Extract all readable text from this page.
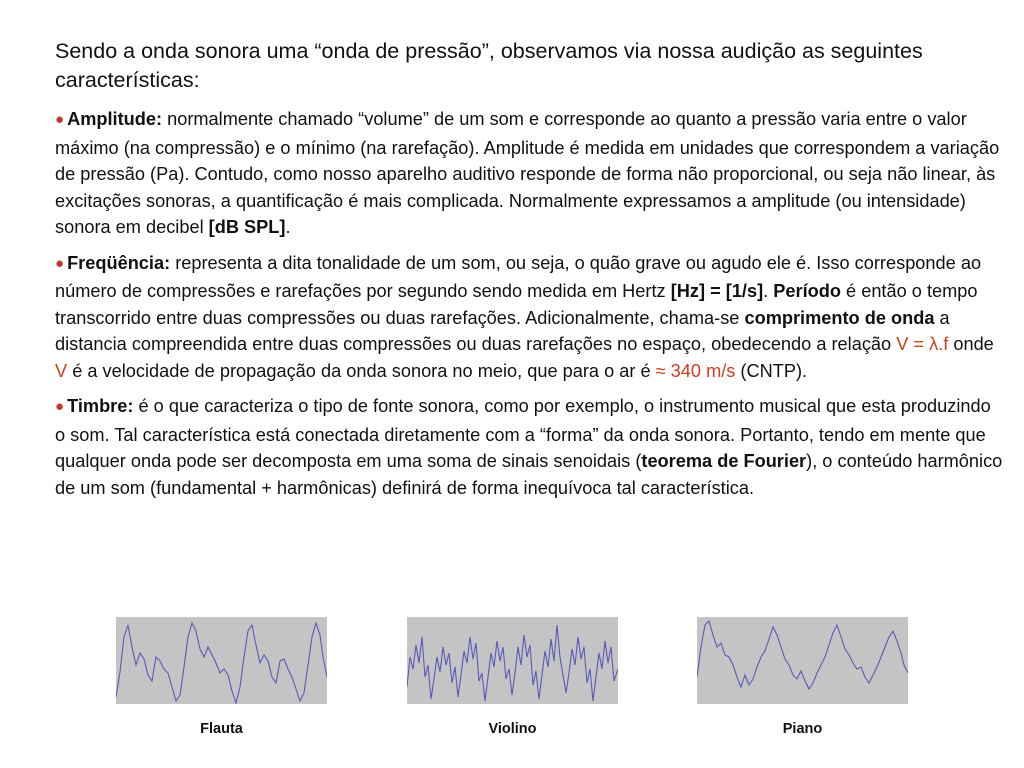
Sendo a onda sonora uma “onda de pressão”, observamos via nossa audição as seguintes características:

● Amplitude: normalmente chamado “volume” de um som e corresponde ao quanto a pressão varia entre o valor máximo (na compressão) e o mínimo (na rarefação). Amplitude é medida em unidades que correspondem a variação de pressão (Pa). Contudo, como nosso aparelho auditivo responde de forma não proporcional, ou seja não linear, às excitações sonoras, a quantificação é mais complicada. Normalmente expressamos a amplitude (ou intensidade) sonora em decibel [dB SPL].

● Freqüência: representa a dita tonalidade de um som, ou seja, o quão grave ou agudo ele é. Isso corresponde ao número de compressões e rarefações por segundo sendo medida em Hertz [Hz] = [1/s]. Período é então o tempo transcorrido entre duas compressões ou duas rarefações. Adicionalmente, chama-se comprimento de onda a distancia compreendida entre duas compressões ou duas rarefações no espaço, obedecendo a relação V = λ.f onde V é a velocidade de propagação da onda sonora no meio, que para o ar é ≈ 340 m/s (CNTP).

● Timbre: é o que caracteriza o tipo de fonte sonora, como por exemplo, o instrumento musical que esta produzindo o som. Tal característica está conectada diretamente com a “forma” da onda sonora. Portanto, tendo em mente que qualquer onda pode ser decomposta em uma soma de sinais senoidais (teorema de Fourier), o conteúdo harmônico de um som (fundamental + harmônicas) definirá de forma inequívoca tal característica.

Flauta	Violino	Piano
